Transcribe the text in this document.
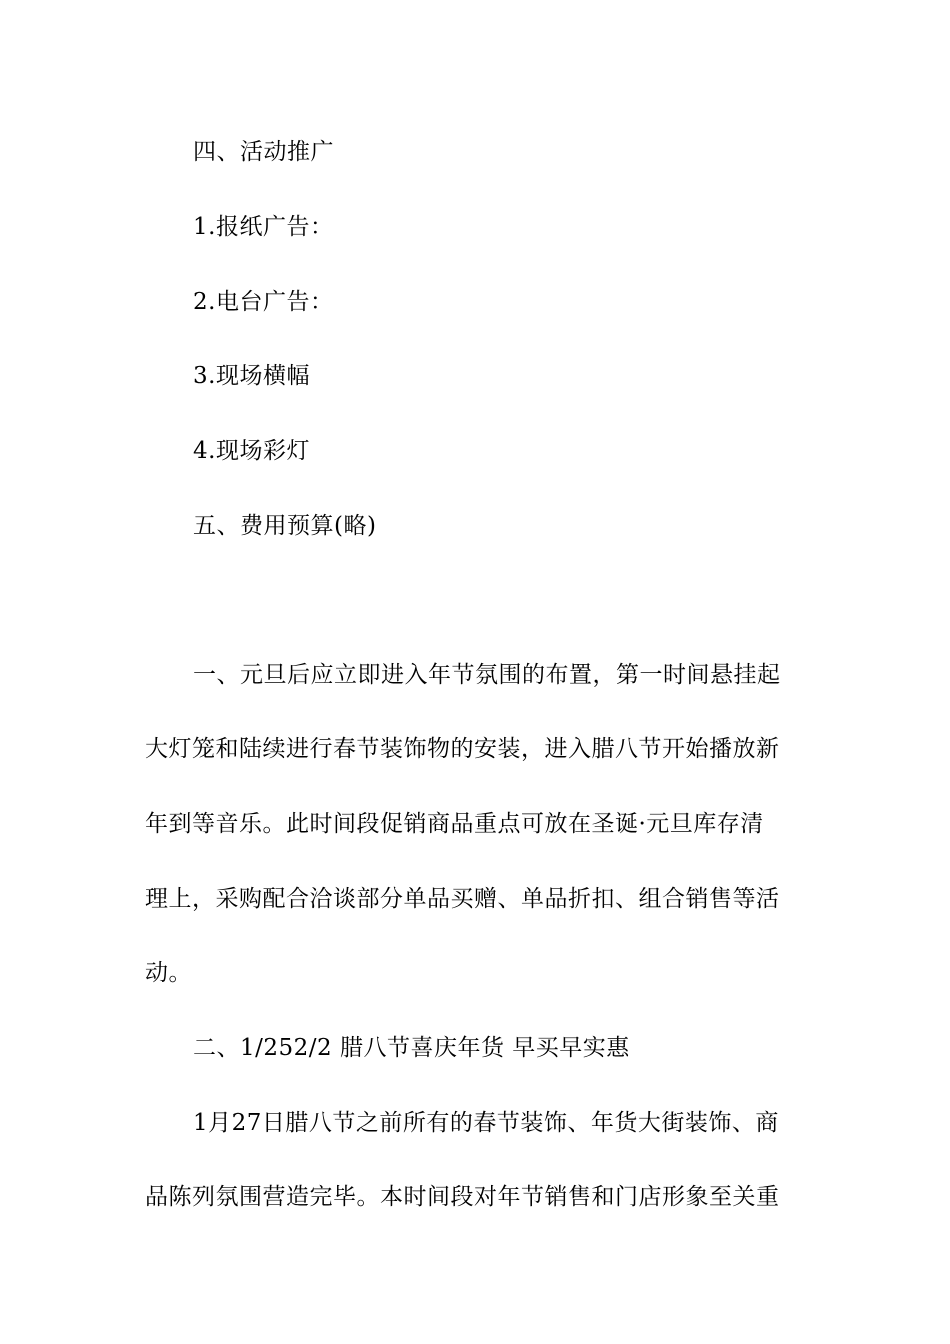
四、活动推广
1.报纸广告：
2.电台广告：
3.现场横幅
4.现场彩灯
五、费用预算(略)
一、元旦后应立即进入年节氛围的布置，第一时间悬挂起
大灯笼和陆续进行春节装饰物的安装，进入腊八节开始播放新
年到等音乐。此时间段促销商品重点可放在圣诞·元旦库存清
理上，采购配合洽谈部分单品买赠、单品折扣、组合销售等活
动。
二、1/252/2 腊八节喜庆年货 早买早实惠
1月27日腊八节之前所有的春节装饰、年货大街装饰、商
品陈列氛围营造完毕。本时间段对年节销售和门店形象至关重
